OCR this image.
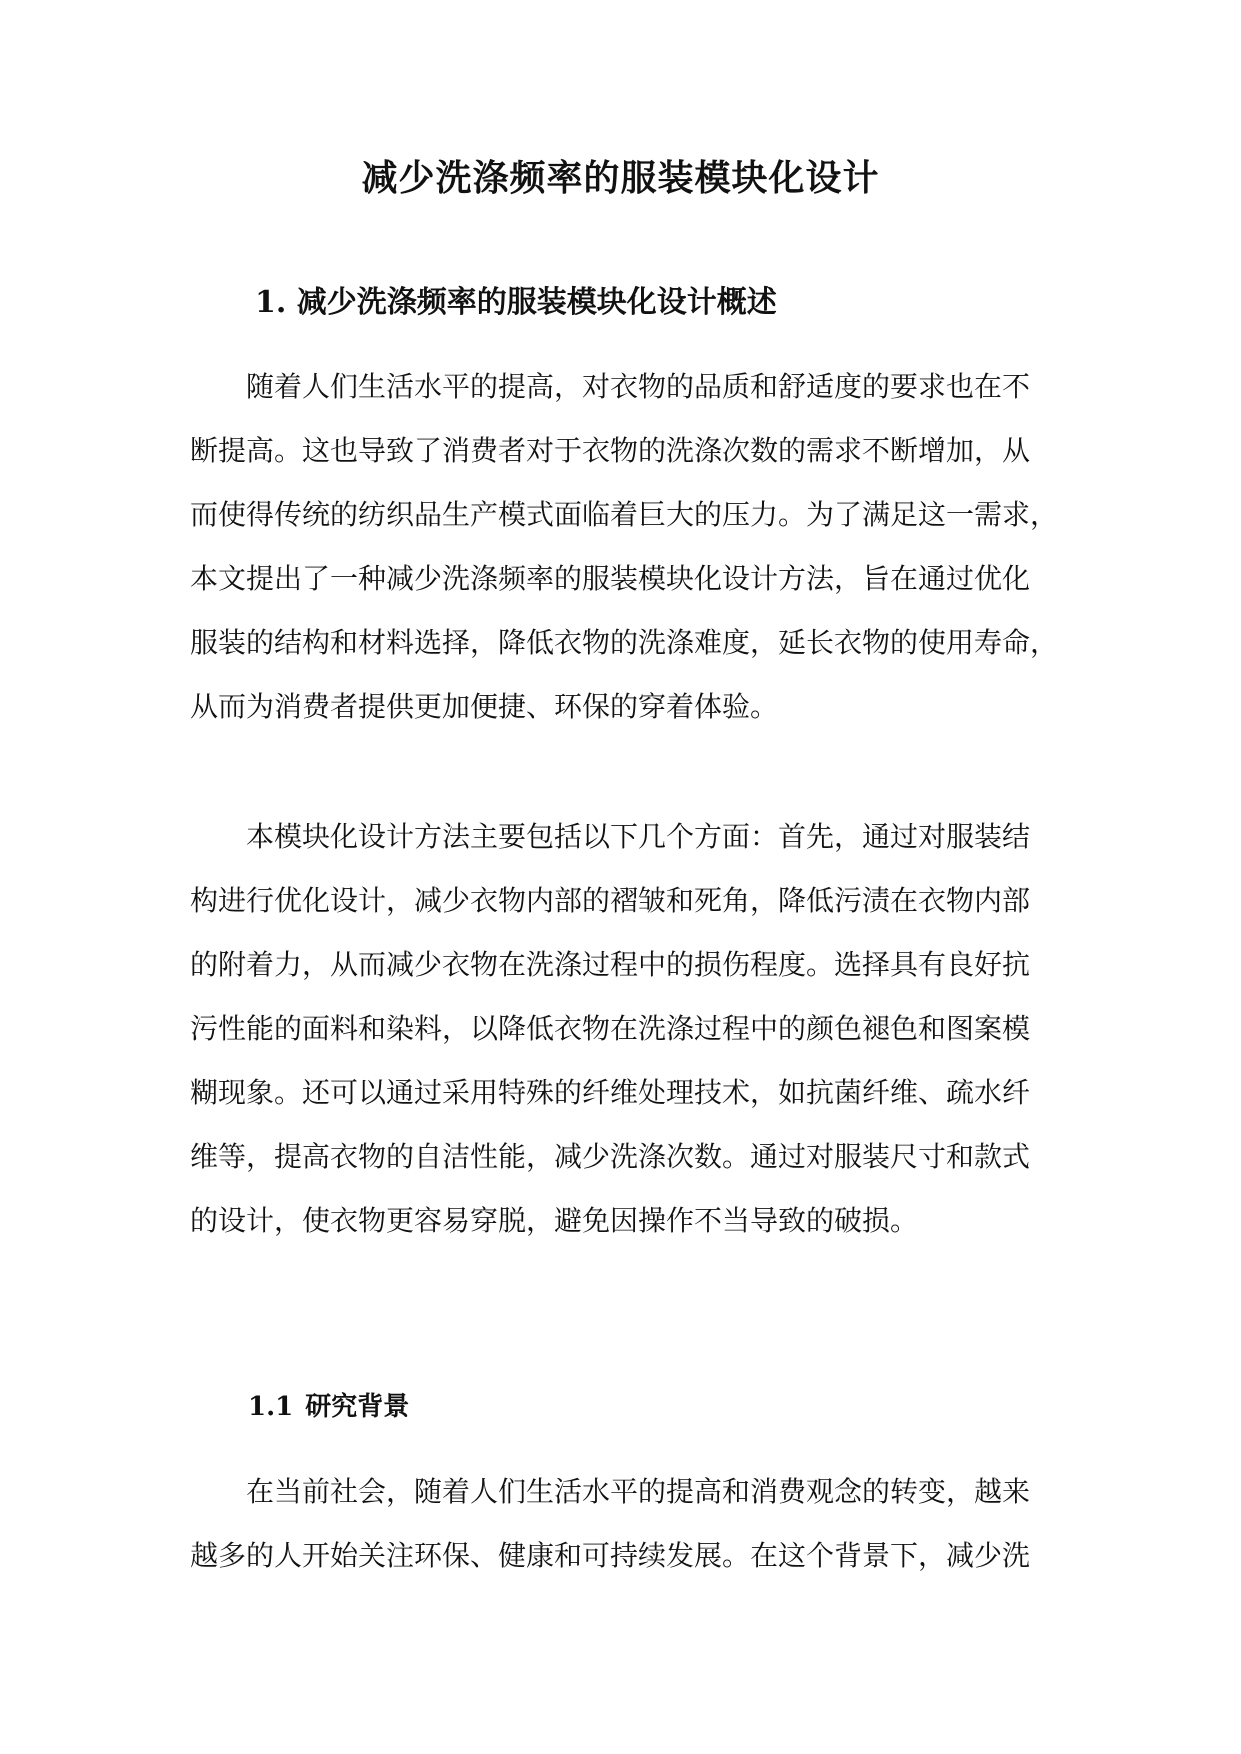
减少洗涤频率的服装模块化设计
1. 减少洗涤频率的服装模块化设计概述
随着人们生活水平的提高，对衣物的品质和舒适度的要求也在不
断提高。这也导致了消费者对于衣物的洗涤次数的需求不断增加，从
而使得传统的纺织品生产模式面临着巨大的压力。为了满足这一需求，
本文提出了一种减少洗涤频率的服装模块化设计方法，旨在通过优化
服装的结构和材料选择，降低衣物的洗涤难度，延长衣物的使用寿命，
从而为消费者提供更加便捷、环保的穿着体验。
本模块化设计方法主要包括以下几个方面：首先，通过对服装结
构进行优化设计，减少衣物内部的褶皱和死角，降低污渍在衣物内部
的附着力，从而减少衣物在洗涤过程中的损伤程度。选择具有良好抗
污性能的面料和染料，以降低衣物在洗涤过程中的颜色褪色和图案模
糊现象。还可以通过采用特殊的纤维处理技术，如抗菌纤维、疏水纤
维等，提高衣物的自洁性能，减少洗涤次数。通过对服装尺寸和款式
的设计，使衣物更容易穿脱，避免因操作不当导致的破损。
1.1 研究背景
在当前社会，随着人们生活水平的提高和消费观念的转变，越来
越多的人开始关注环保、健康和可持续发展。在这个背景下，减少洗
